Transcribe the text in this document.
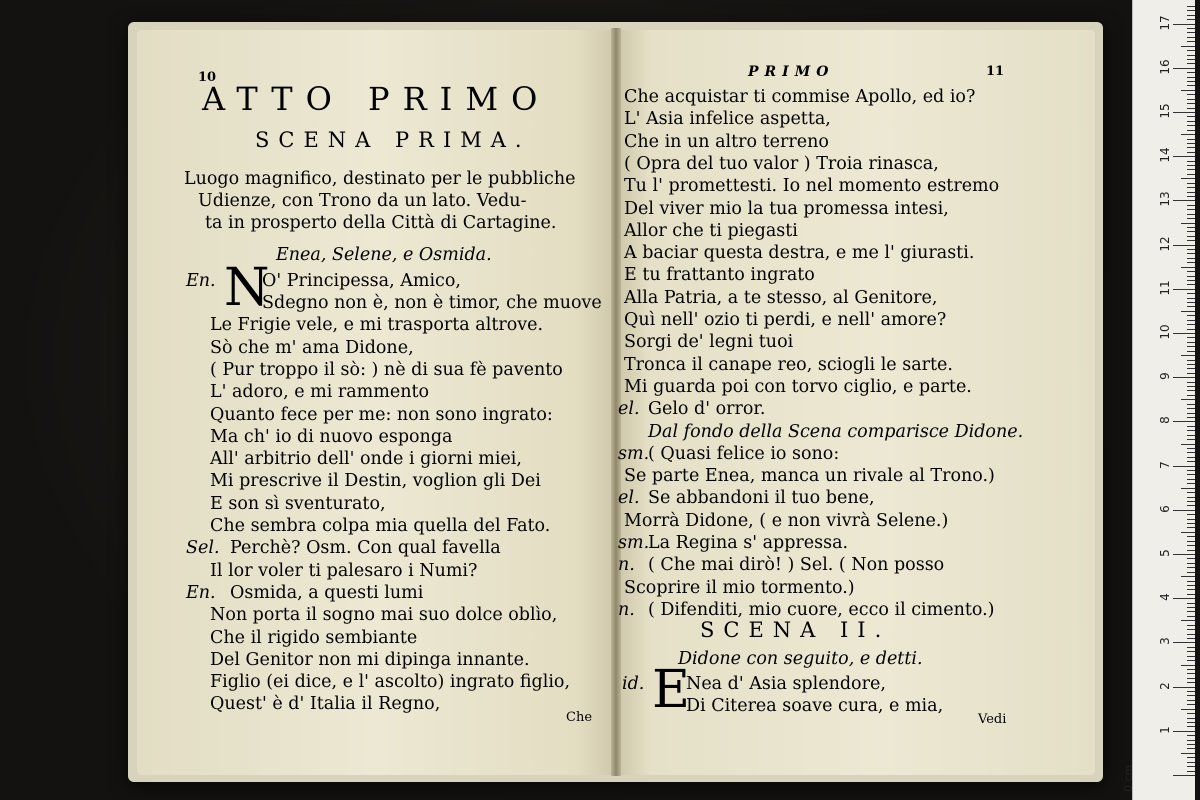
10
ATTO PRIMO
SCENA PRIMA.
Luogo magnifico, destinato per le pubbliche
Udienze, con Trono da un lato. Vedu-
ta in prosperto della Città di Cartagine.
Enea, Selene, e Osmida.
En. N
O' Principessa, Amico,
Sdegno non è, non è timor, che muove
Le Frigie vele, e mi trasporta altrove.
Sò che m' ama Didone,
( Pur troppo il sò: ) nè di sua fè pavento
L' adoro, e mi rammento
Quanto fece per me: non sono ingrato:
Ma ch' io di nuovo esponga
All' arbitrio dell' onde i giorni miei,
Mi prescrive il Destin, voglion gli Dei
E son sì sventurato,
Che sembra colpa mia quella del Fato.
Sel. Perchè? Osm. Con qual favella
Il lor voler ti palesaro i Numi?
En. Osmida, a questi lumi
Non porta il sogno mai suo dolce oblìo,
Che il rigido sembiante
Del Genitor non mi dipinga innante.
Figlio (ei dice, e l' ascolto) ingrato figlio,
Quest' è d' Italia il Regno,
Che
PRIMO	11
Che acquistar ti commise Apollo, ed io?
L' Asia infelice aspetta,
Che in un altro terreno
( Opra del tuo valor ) Troia rinasca,
Tu l' promettesti. Io nel momento estremo
Del viver mio la tua promessa intesi,
Allor che ti piegasti
A baciar questa destra, e me l' giurasti.
E tu frattanto ingrato
Alla Patria, a te stesso, al Genitore,
Quì nell' ozio ti perdi, e nell' amore?
Sorgi de' legni tuoi
Tronca il canape reo, sciogli le sarte.
Mi guarda poi con torvo ciglio, e parte.
el. Gelo d' orror.
Dal fondo della Scena comparisce Didone.
sm.
( Quasi felice io sono:
Se parte Enea, manca un rivale al Trono.)
el. Se abbandoni il tuo bene,
Morrà Didone, ( e non vivrà Selene.)
sm.
La Regina s' appressa.
n. ( Che mai dirò! ) Sel. ( Non posso
Scoprire il mio tormento.)
n. ( Difenditi, mio cuore, ecco il cimento.)
SCENA II.
Didone con seguito, e detti.
id. E
Nea d' Asia splendore,
Di Citerea soave cura, e mia,
Vedi
1
2
3
4
5
6
7
8
9
10
11
12
13
14
15
16
17
0 cm
